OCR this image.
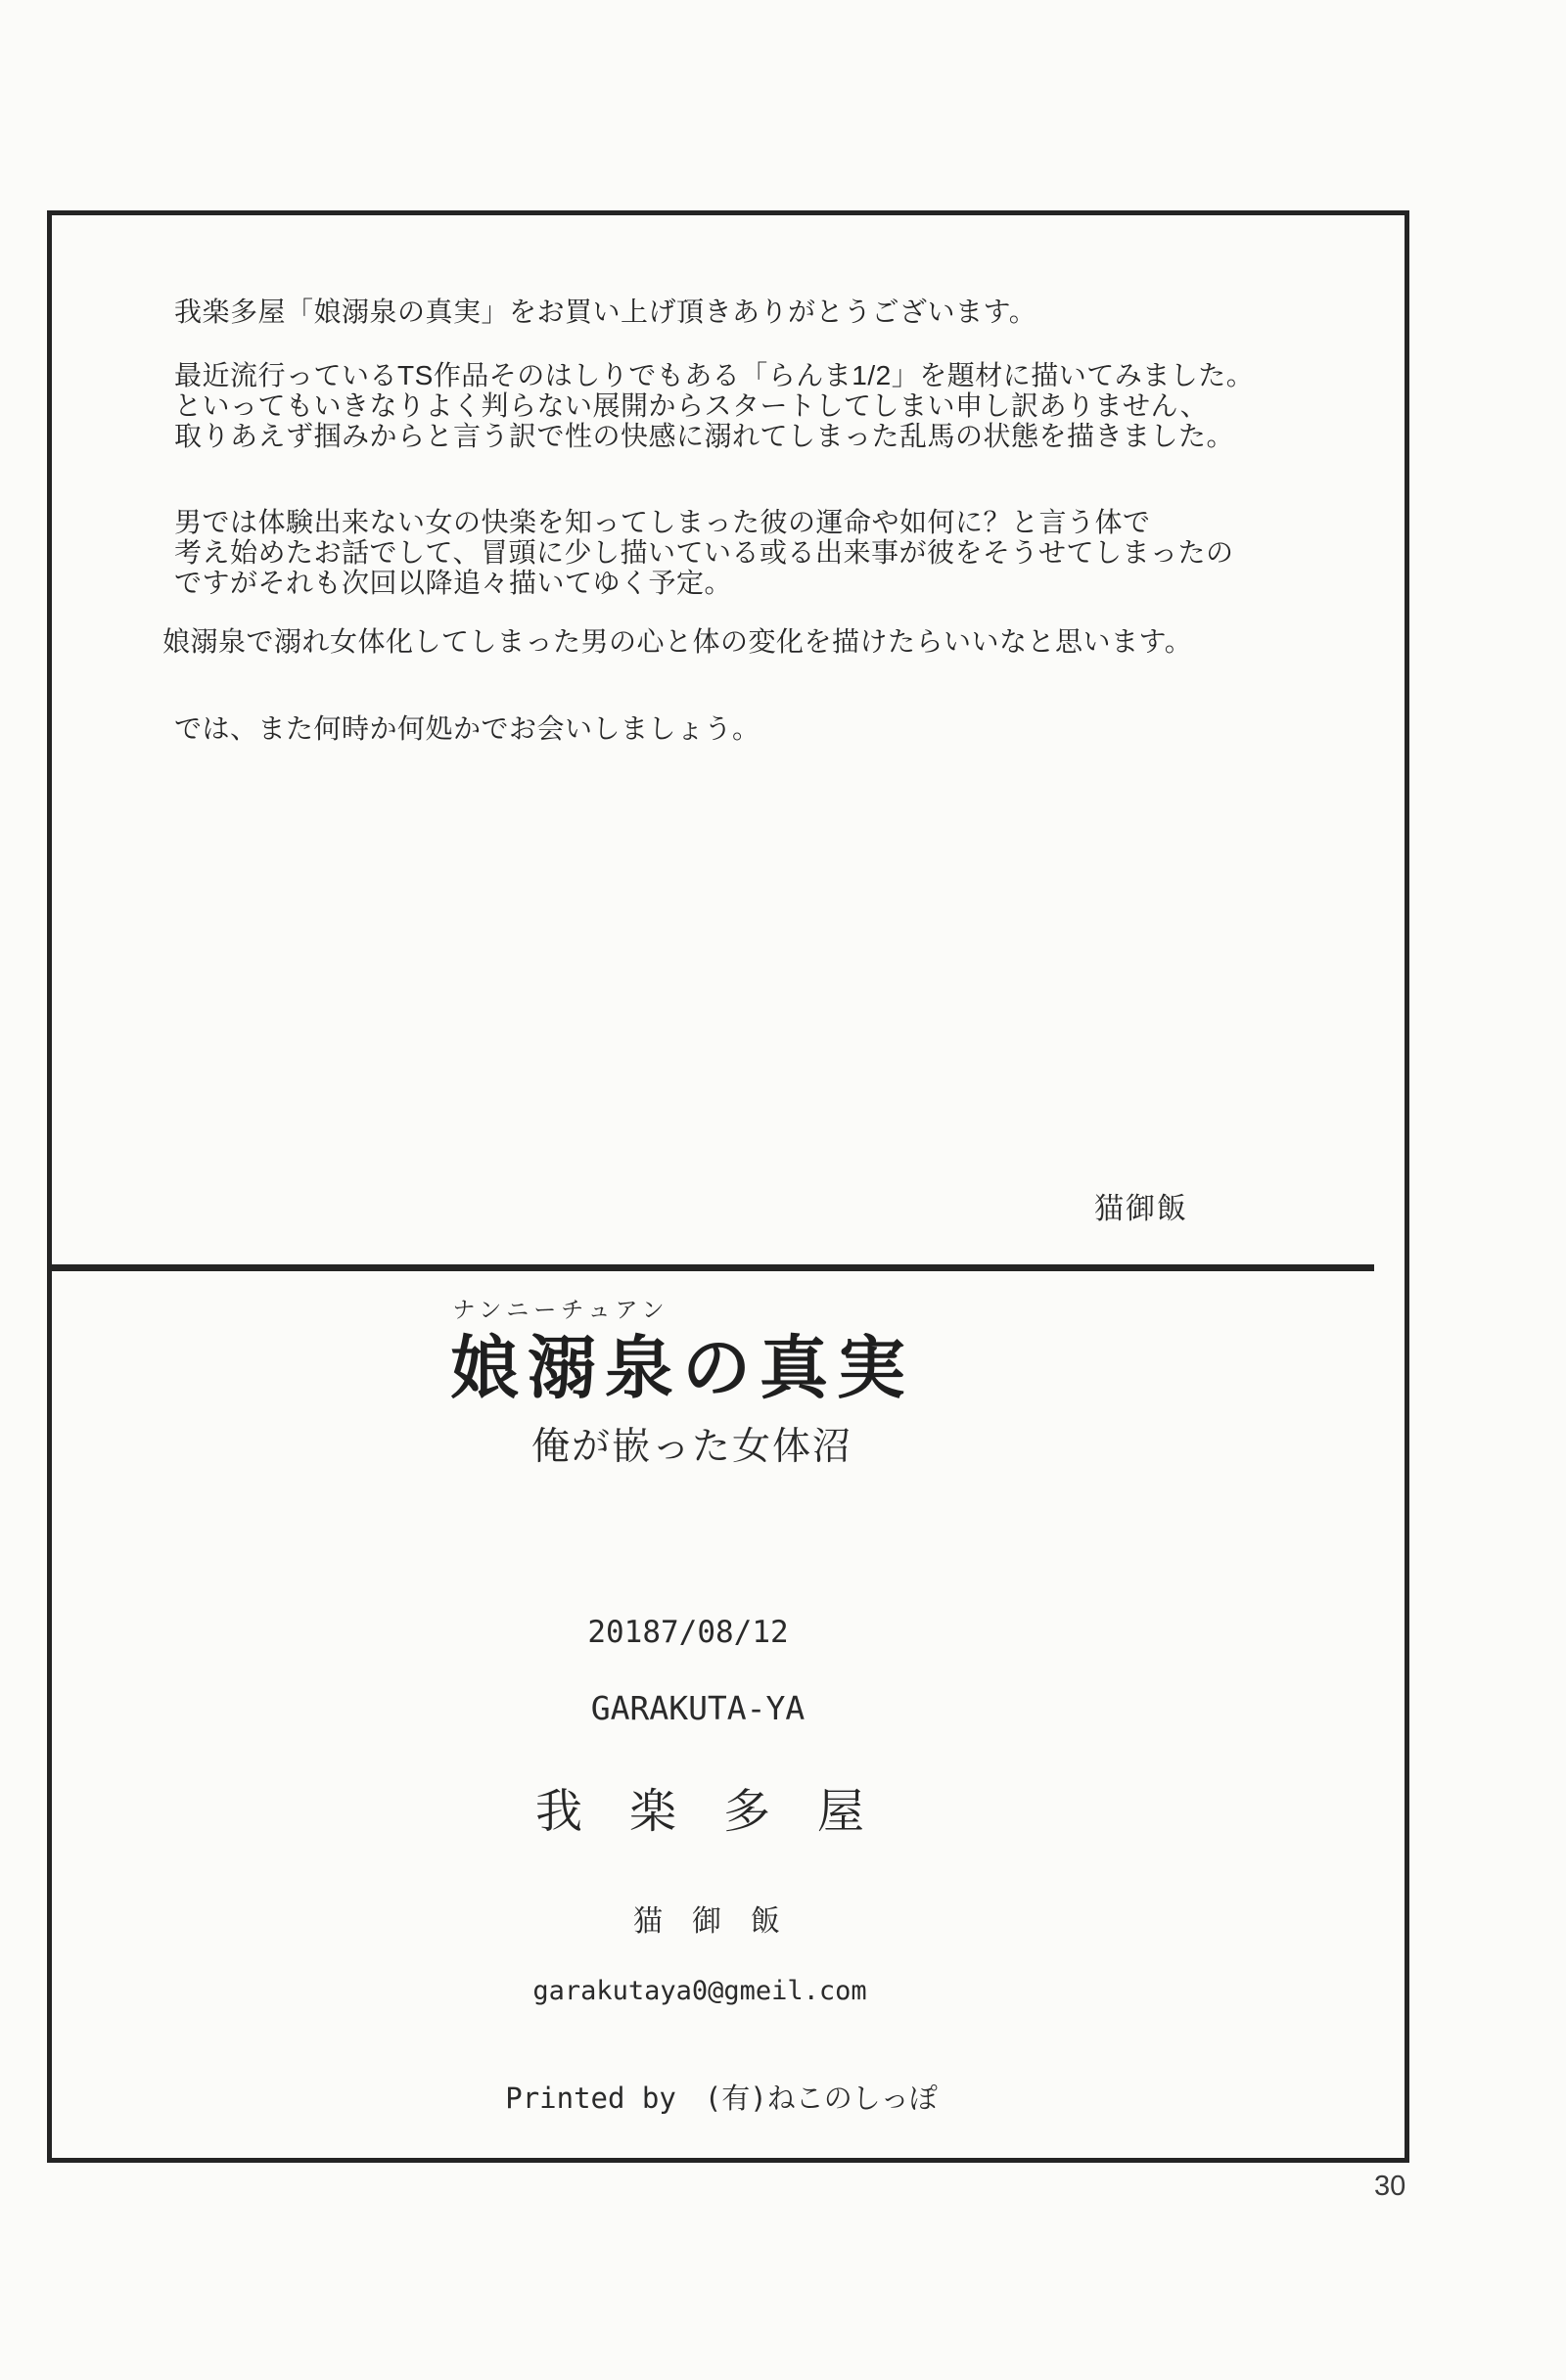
我楽多屋「娘溺泉の真実」をお買い上げ頂きありがとうございます。
最近流行っているTS作品そのはしりでもある「らんま1/2」を題材に描いてみました。
といってもいきなりよく判らない展開からスタートしてしまい申し訳ありません、
取りあえず掴みからと言う訳で性の快感に溺れてしまった乱馬の状態を描きました。
男では体験出来ない女の快楽を知ってしまった彼の運命や如何に？と言う体で
考え始めたお話でして、冒頭に少し描いている或る出来事が彼をそうせてしまったの
ですがそれも次回以降追々描いてゆく予定。
娘溺泉で溺れ女体化してしまった男の心と体の変化を描けたらいいなと思います。
では、また何時か何処かでお会いしましょう。
猫御飯
ナンニーチュアン
娘溺泉の真実
俺が嵌った女体沼
20187/08/12
GARAKUTA-YA
我　楽　多　屋
猫　御　飯
garakutaya0@gmeil.com
Printed by　(有)ねこのしっぽ
30
